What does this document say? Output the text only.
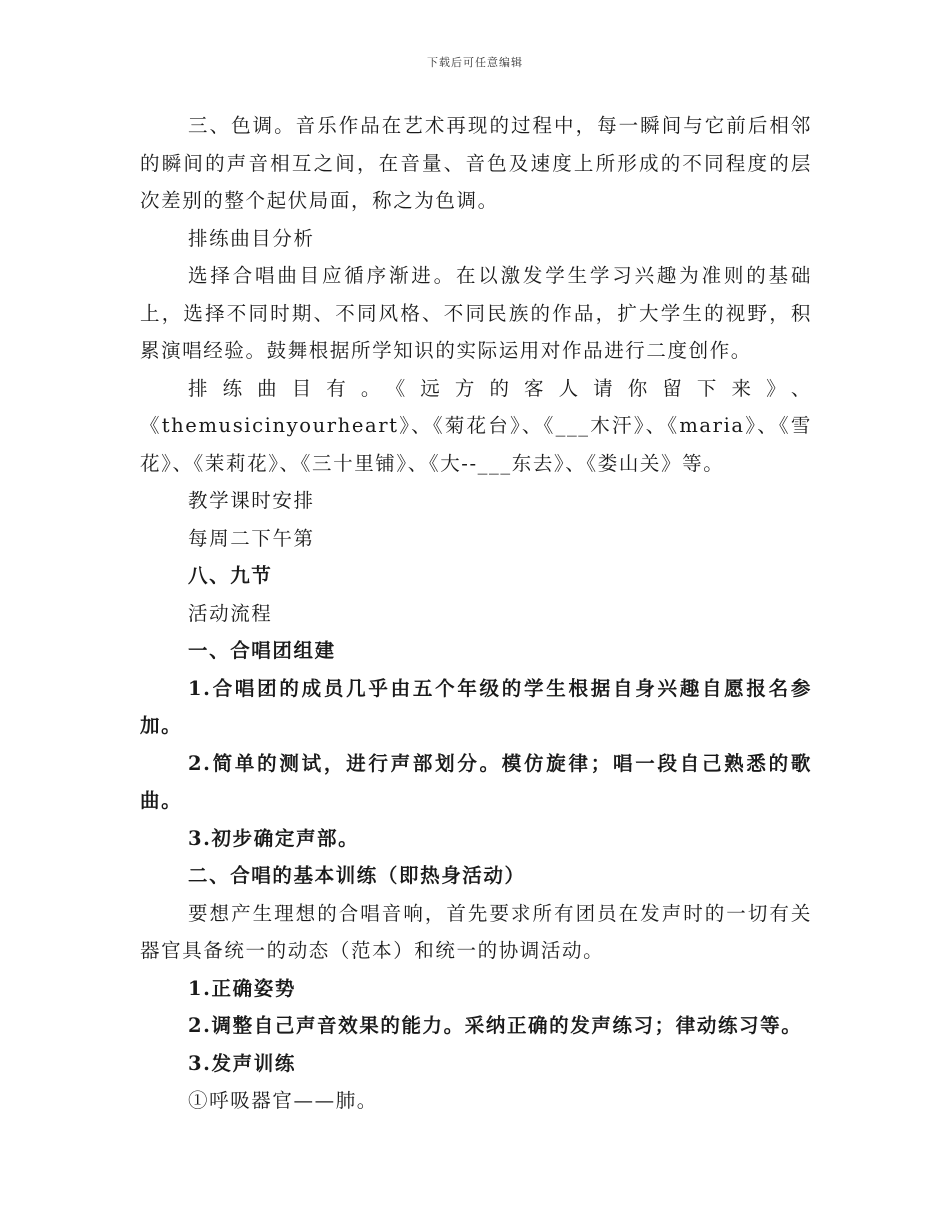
下载后可任意编辑

三、色调。音乐作品在艺术再现的过程中，每一瞬间与它前后相邻的瞬间的声音相互之间，在音量、音色及速度上所形成的不同程度的层次差别的整个起伏局面，称之为色调。

排练曲目分析

选择合唱曲目应循序渐进。在以激发学生学习兴趣为准则的基础上，选择不同时期、不同风格、不同民族的作品，扩大学生的视野，积累演唱经验。鼓舞根据所学知识的实际运用对作品进行二度创作。

排练曲目有。《远方的客人请你留下来》、《themusicinyourheart》、《菊花台》、《___木汗》、《maria》、《雪花》、《茉莉花》、《三十里铺》、《大--___东去》、《娄山关》等。

教学课时安排

每周二下午第

八、九节

活动流程

一、合唱团组建

1.合唱团的成员几乎由五个年级的学生根据自身兴趣自愿报名参加。

2.简单的测试，进行声部划分。模仿旋律；唱一段自己熟悉的歌曲。

3.初步确定声部。

二、合唱的基本训练（即热身活动）

要想产生理想的合唱音响，首先要求所有团员在发声时的一切有关器官具备统一的动态（范本）和统一的协调活动。

1.正确姿势

2.调整自己声音效果的能力。采纳正确的发声练习；律动练习等。

3.发声训练

①呼吸器官——肺。
